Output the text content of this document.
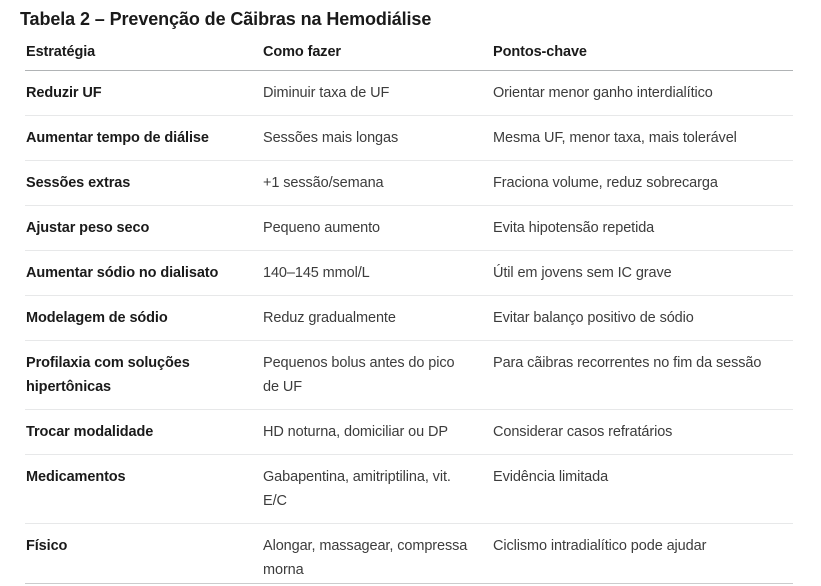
Tabela 2 – Prevenção de Cãibras na Hemodiálise
Estratégia	Como fazer	Pontos-chave
Reduzir UF	Diminuir taxa de UF	Orientar menor ganho interdialítico
Aumentar tempo de diálise	Sessões mais longas	Mesma UF, menor taxa, mais tolerável
Sessões extras	+1 sessão/semana	Fraciona volume, reduz sobrecarga
Ajustar peso seco	Pequeno aumento	Evita hipotensão repetida
Aumentar sódio no dialisato	140–145 mmol/L	Útil em jovens sem IC grave
Modelagem de sódio	Reduz gradualmente	Evitar balanço positivo de sódio
Profilaxia com soluções hipertônicas	Pequenos bolus antes do pico de UF	Para cãibras recorrentes no fim da sessão
Trocar modalidade	HD noturna, domiciliar ou DP	Considerar casos refratários
Medicamentos	Gabapentina, amitriptilina, vit. E/C	Evidência limitada
Físico	Alongar, massagear, compressa morna	Ciclismo intradialítico pode ajudar
